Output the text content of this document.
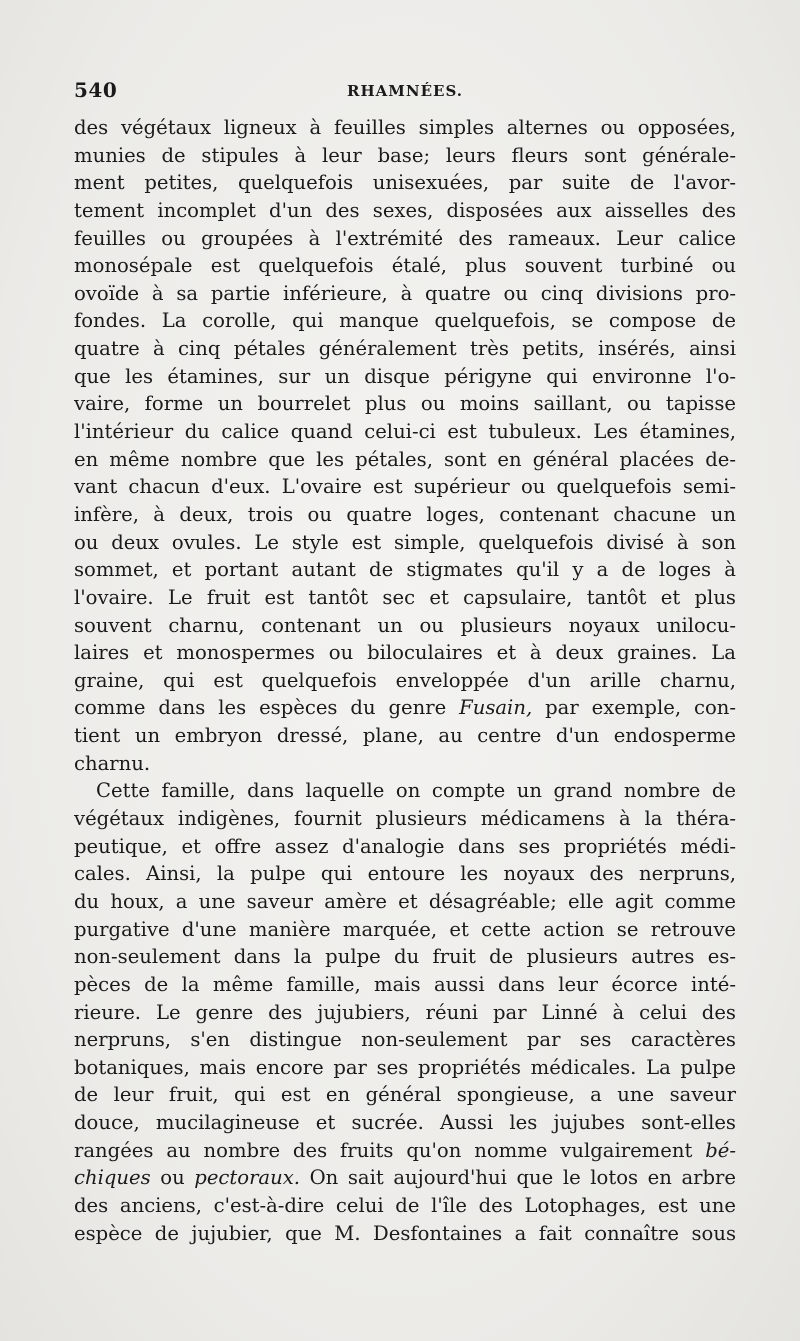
540	RHAMNÉES.
des végétaux ligneux à feuilles simples alternes ou opposées,
munies de stipules à leur base; leurs fleurs sont générale-
ment petites, quelquefois unisexuées, par suite de l'avor-
tement incomplet d'un des sexes, disposées aux aisselles des
feuilles ou groupées à l'extrémité des rameaux. Leur calice
monosépale est quelquefois étalé, plus souvent turbiné ou
ovoïde à sa partie inférieure, à quatre ou cinq divisions pro-
fondes. La corolle, qui manque quelquefois, se compose de
quatre à cinq pétales généralement très petits, insérés, ainsi
que les étamines, sur un disque périgyne qui environne l'o-
vaire, forme un bourrelet plus ou moins saillant, ou tapisse
l'intérieur du calice quand celui-ci est tubuleux. Les étamines,
en même nombre que les pétales, sont en général placées de-
vant chacun d'eux. L'ovaire est supérieur ou quelquefois semi-
infère, à deux, trois ou quatre loges, contenant chacune un
ou deux ovules. Le style est simple, quelquefois divisé à son
sommet, et portant autant de stigmates qu'il y a de loges à
l'ovaire. Le fruit est tantôt sec et capsulaire, tantôt et plus
souvent charnu, contenant un ou plusieurs noyaux unilocu-
laires et monospermes ou biloculaires et à deux graines. La
graine, qui est quelquefois enveloppée d'un arille charnu,
comme dans les espèces du genre Fusain, par exemple, con-
tient un embryon dressé, plane, au centre d'un endosperme
charnu.
Cette famille, dans laquelle on compte un grand nombre de
végétaux indigènes, fournit plusieurs médicamens à la théra-
peutique, et offre assez d'analogie dans ses propriétés médi-
cales. Ainsi, la pulpe qui entoure les noyaux des nerpruns,
du houx, a une saveur amère et désagréable; elle agit comme
purgative d'une manière marquée, et cette action se retrouve
non-seulement dans la pulpe du fruit de plusieurs autres es-
pèces de la même famille, mais aussi dans leur écorce inté-
rieure. Le genre des jujubiers, réuni par Linné à celui des
nerpruns, s'en distingue non-seulement par ses caractères
botaniques, mais encore par ses propriétés médicales. La pulpe
de leur fruit, qui est en général spongieuse, a une saveur
douce, mucilagineuse et sucrée. Aussi les jujubes sont-elles
rangées au nombre des fruits qu'on nomme vulgairement bé-
chiques ou pectoraux. On sait aujourd'hui que le lotos en arbre
des anciens, c'est-à-dire celui de l'île des Lotophages, est une
espèce de jujubier, que M. Desfontaines a fait connaître sous
